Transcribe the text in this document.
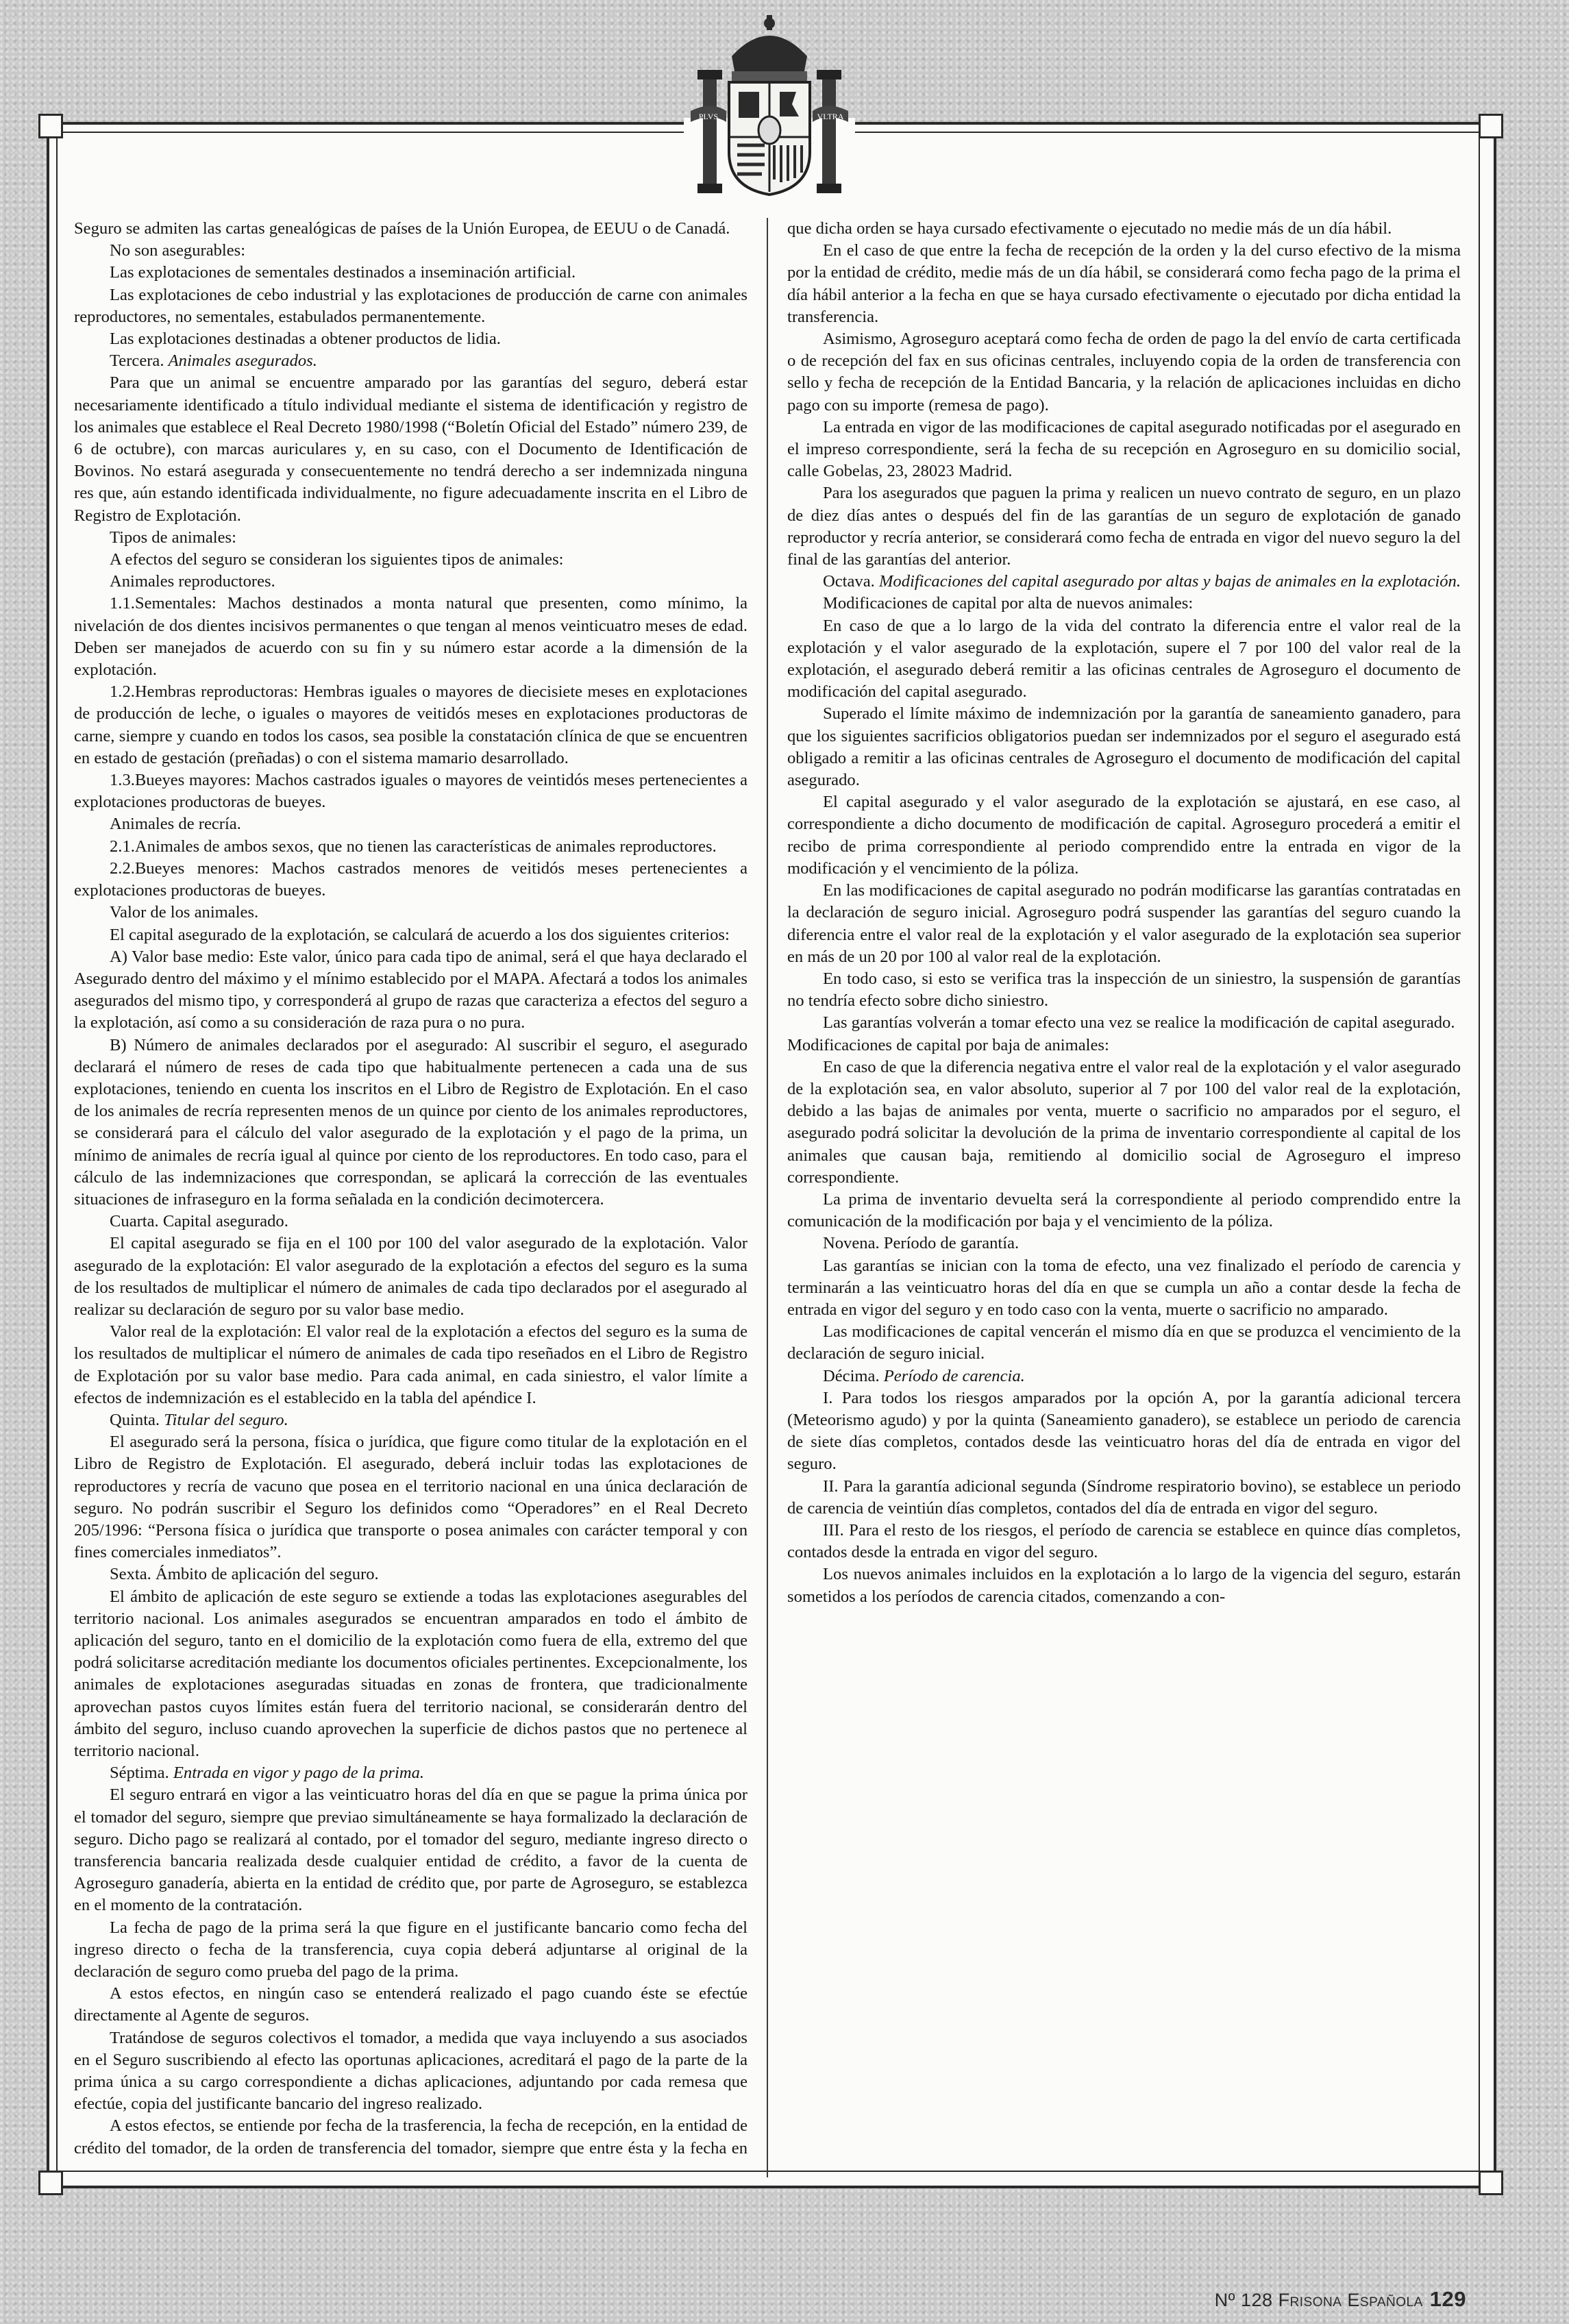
PLVS	VLTRA

Seguro se admiten las cartas genealógicas de países de la Unión Europea, de EEUU o de Canadá.

No son asegurables:

Las explotaciones de sementales destinados a inseminación artificial.

Las explotaciones de cebo industrial y las explotaciones de producción de carne con animales reproductores, no sementales, estabulados permanentemente.

Las explotaciones destinadas a obtener productos de lidia.

Tercera. Animales asegurados.

Para que un animal se encuentre amparado por las garantías del seguro, deberá estar necesariamente identificado a título individual mediante el sistema de identificación y registro de los animales que establece el Real Decreto 1980/1998 (“Boletín Oficial del Estado” número 239, de 6 de octubre), con marcas auriculares y, en su caso, con el Documento de Identificación de Bovinos. No estará asegurada y consecuentemente no tendrá derecho a ser indemnizada ninguna res que, aún estando identificada individualmente, no figure adecuadamente inscrita en el Libro de Registro de Explotación.

Tipos de animales:

A efectos del seguro se consideran los siguientes tipos de animales:

Animales reproductores.

1.1.Sementales: Machos destinados a monta natural que presenten, como mínimo, la nivelación de dos dientes incisivos permanentes o que tengan al menos veinticuatro meses de edad. Deben ser manejados de acuerdo con su fin y su número estar acorde a la dimensión de la explotación.

1.2.Hembras reproductoras: Hembras iguales o mayores de diecisiete meses en explotaciones de producción de leche, o iguales o mayores de veitidós meses en explotaciones productoras de carne, siempre y cuando en todos los casos, sea posible la constatación clínica de que se encuentren en estado de gestación (preñadas) o con el sistema mamario desarrollado.

1.3.Bueyes mayores: Machos castrados iguales o mayores de veintidós meses pertenecientes a explotaciones productoras de bueyes.

Animales de recría.

2.1.Animales de ambos sexos, que no tienen las características de animales reproductores.

2.2.Bueyes menores: Machos castrados menores de veitidós meses pertenecientes a explotaciones productoras de bueyes.

Valor de los animales.

El capital asegurado de la explotación, se calculará de acuerdo a los dos siguientes criterios:

A) Valor base medio: Este valor, único para cada tipo de animal, será el que haya declarado el Asegurado dentro del máximo y el mínimo establecido por el MAPA. Afectará a todos los animales asegurados del mismo tipo, y corresponderá al grupo de razas que caracteriza a efectos del seguro a la explotación, así como a su consideración de raza pura o no pura.

B) Número de animales declarados por el asegurado: Al suscribir el seguro, el asegurado declarará el número de reses de cada tipo que habitualmente pertenecen a cada una de sus explotaciones, teniendo en cuenta los inscritos en el Libro de Registro de Explotación. En el caso de los animales de recría representen menos de un quince por ciento de los animales reproductores, se considerará para el cálculo del valor asegurado de la explotación y el pago de la prima, un mínimo de animales de recría igual al quince por ciento de los reproductores. En todo caso, para el cálculo de las indemnizaciones que correspondan, se aplicará la corrección de las eventuales situaciones de infraseguro en la forma señalada en la condición decimotercera.

Cuarta. Capital asegurado.

El capital asegurado se fija en el 100 por 100 del valor asegurado de la explotación. Valor asegurado de la explotación: El valor asegurado de la explotación a efectos del seguro es la suma de los resultados de multiplicar el número de animales de cada tipo declarados por el asegurado al realizar su declaración de seguro por su valor base medio.

Valor real de la explotación: El valor real de la explotación a efectos del seguro es la suma de los resultados de multiplicar el número de animales de cada tipo reseñados en el Libro de Registro de Explotación por su valor base medio. Para cada animal, en cada siniestro, el valor límite a efectos de indemnización es el establecido en la tabla del apéndice I.

Quinta. Titular del seguro.

El asegurado será la persona, física o jurídica, que figure como titular de la explotación en el Libro de Registro de Explotación. El asegurado, deberá incluir todas las explotaciones de reproductores y recría de vacuno que posea en el territorio nacional en una única declaración de seguro. No podrán suscribir el Seguro los definidos como “Operadores” en el Real Decreto 205/1996: “Persona física o jurídica que transporte o posea animales con carácter temporal y con fines comerciales inmediatos”.

Sexta. Ámbito de aplicación del seguro.

El ámbito de aplicación de este seguro se extiende a todas las explotaciones asegurables del territorio nacional. Los animales asegurados se encuentran amparados en todo el ámbito de aplicación del seguro, tanto en el domicilio de la explotación como fuera de ella, extremo del que podrá solicitarse acreditación mediante los documentos oficiales pertinentes. Excepcionalmente, los animales de explotaciones aseguradas situadas en zonas de frontera, que tradicionalmente aprovechan pastos cuyos límites están fuera del territorio nacional, se considerarán dentro del ámbito del seguro, incluso cuando aprovechen la superficie de dichos pastos que no pertenece al territorio nacional.

Séptima. Entrada en vigor y pago de la prima.

El seguro entrará en vigor a las veinticuatro horas del día en que se pague la prima única por el tomador del seguro, siempre que previao simultáneamente se haya formalizado la declaración de seguro. Dicho pago se realizará al contado, por el tomador del seguro, mediante ingreso directo o transferencia bancaria realizada desde cualquier entidad de crédito, a favor de la cuenta de Agroseguro ganadería, abierta en la entidad de crédito que, por parte de Agroseguro, se establezca en el momento de la contratación.

La fecha de pago de la prima será la que figure en el justificante bancario como fecha del ingreso directo o fecha de la transferencia, cuya copia deberá adjuntarse al original de la declaración de seguro como prueba del pago de la prima.

A estos efectos, en ningún caso se entenderá realizado el pago cuando éste se efectúe directamente al Agente de seguros.

Tratándose de seguros colectivos el tomador, a medida que vaya incluyendo a sus asociados en el Seguro suscribiendo al efecto las oportunas aplicaciones, acreditará el pago de la parte de la prima única a su cargo correspondiente a dichas aplicaciones, adjuntando por cada remesa que efectúe, copia del justificante bancario del ingreso realizado.

A estos efectos, se entiende por fecha de la trasferencia, la fecha de recepción, en la entidad de crédito del tomador, de la orden de transferencia del tomador, siempre que entre ésta y la fecha en que dicha orden se haya cursado efectivamente o ejecutado no medie más de un día hábil.

En el caso de que entre la fecha de recepción de la orden y la del curso efectivo de la misma por la entidad de crédito, medie más de un día hábil, se considerará como fecha pago de la prima el día hábil anterior a la fecha en que se haya cursado efectivamente o ejecutado por dicha entidad la transferencia.

Asimismo, Agroseguro aceptará como fecha de orden de pago la del envío de carta certificada o de recepción del fax en sus oficinas centrales, incluyendo copia de la orden de transferencia con sello y fecha de recepción de la Entidad Bancaria, y la relación de aplicaciones incluidas en dicho pago con su importe (remesa de pago).

La entrada en vigor de las modificaciones de capital asegurado notificadas por el asegurado en el impreso correspondiente, será la fecha de su recepción en Agroseguro en su domicilio social, calle Gobelas, 23, 28023 Madrid.

Para los asegurados que paguen la prima y realicen un nuevo contrato de seguro, en un plazo de diez días antes o después del fin de las garantías de un seguro de explotación de ganado reproductor y recría anterior, se considerará como fecha de entrada en vigor del nuevo seguro la del final de las garantías del anterior.

Octava. Modificaciones del capital asegurado por altas y bajas de animales en la explotación.

Modificaciones de capital por alta de nuevos animales:

En caso de que a lo largo de la vida del contrato la diferencia entre el valor real de la explotación y el valor asegurado de la explotación, supere el 7 por 100 del valor real de la explotación, el asegurado deberá remitir a las oficinas centrales de Agroseguro el documento de modificación del capital asegurado.

Superado el límite máximo de indemnización por la garantía de saneamiento ganadero, para que los siguientes sacrificios obligatorios puedan ser indemnizados por el seguro el asegurado está obligado a remitir a las oficinas centrales de Agroseguro el documento de modificación del capital asegurado.

El capital asegurado y el valor asegurado de la explotación se ajustará, en ese caso, al correspondiente a dicho documento de modificación de capital. Agroseguro procederá a emitir el recibo de prima correspondiente al periodo comprendido entre la entrada en vigor de la modificación y el vencimiento de la póliza.

En las modificaciones de capital asegurado no podrán modificarse las garantías contratadas en la declaración de seguro inicial. Agroseguro podrá suspender las garantías del seguro cuando la diferencia entre el valor real de la explotación y el valor asegurado de la explotación sea superior en más de un 20 por 100 al valor real de la explotación.

En todo caso, si esto se verifica tras la inspección de un siniestro, la suspensión de garantías no tendría efecto sobre dicho siniestro.

Las garantías volverán a tomar efecto una vez se realice la modificación de capital asegurado.

Modificaciones de capital por baja de animales:

En caso de que la diferencia negativa entre el valor real de la explotación y el valor asegurado de la explotación sea, en valor absoluto, superior al 7 por 100 del valor real de la explotación, debido a las bajas de animales por venta, muerte o sacrificio no amparados por el seguro, el asegurado podrá solicitar la devolución de la prima de inventario correspondiente al capital de los animales que causan baja, remitiendo al domicilio social de Agroseguro el impreso correspondiente.

La prima de inventario devuelta será la correspondiente al periodo comprendido entre la comunicación de la modificación por baja y el vencimiento de la póliza.

Novena. Período de garantía.

Las garantías se inician con la toma de efecto, una vez finalizado el período de carencia y terminarán a las veinticuatro horas del día en que se cumpla un año a contar desde la fecha de entrada en vigor del seguro y en todo caso con la venta, muerte o sacrificio no amparado.

Las modificaciones de capital vencerán el mismo día en que se produzca el vencimiento de la declaración de seguro inicial.

Décima. Período de carencia.

I. Para todos los riesgos amparados por la opción A, por la garantía adicional tercera (Meteorismo agudo) y por la quinta (Saneamiento ganadero), se establece un periodo de carencia de siete días completos, contados desde las veinticuatro horas del día de entrada en vigor del seguro.

II. Para la garantía adicional segunda (Síndrome respiratorio bovino), se establece un periodo de carencia de veintiún días completos, contados del día de entrada en vigor del seguro.

III. Para el resto de los riesgos, el período de carencia se establece en quince días completos, contados desde la entrada en vigor del seguro.

Los nuevos animales incluidos en la explotación a lo largo de la vigencia del seguro, estarán sometidos a los períodos de carencia citados, comenzando a con-

Nº 128 Frisona Española 129
